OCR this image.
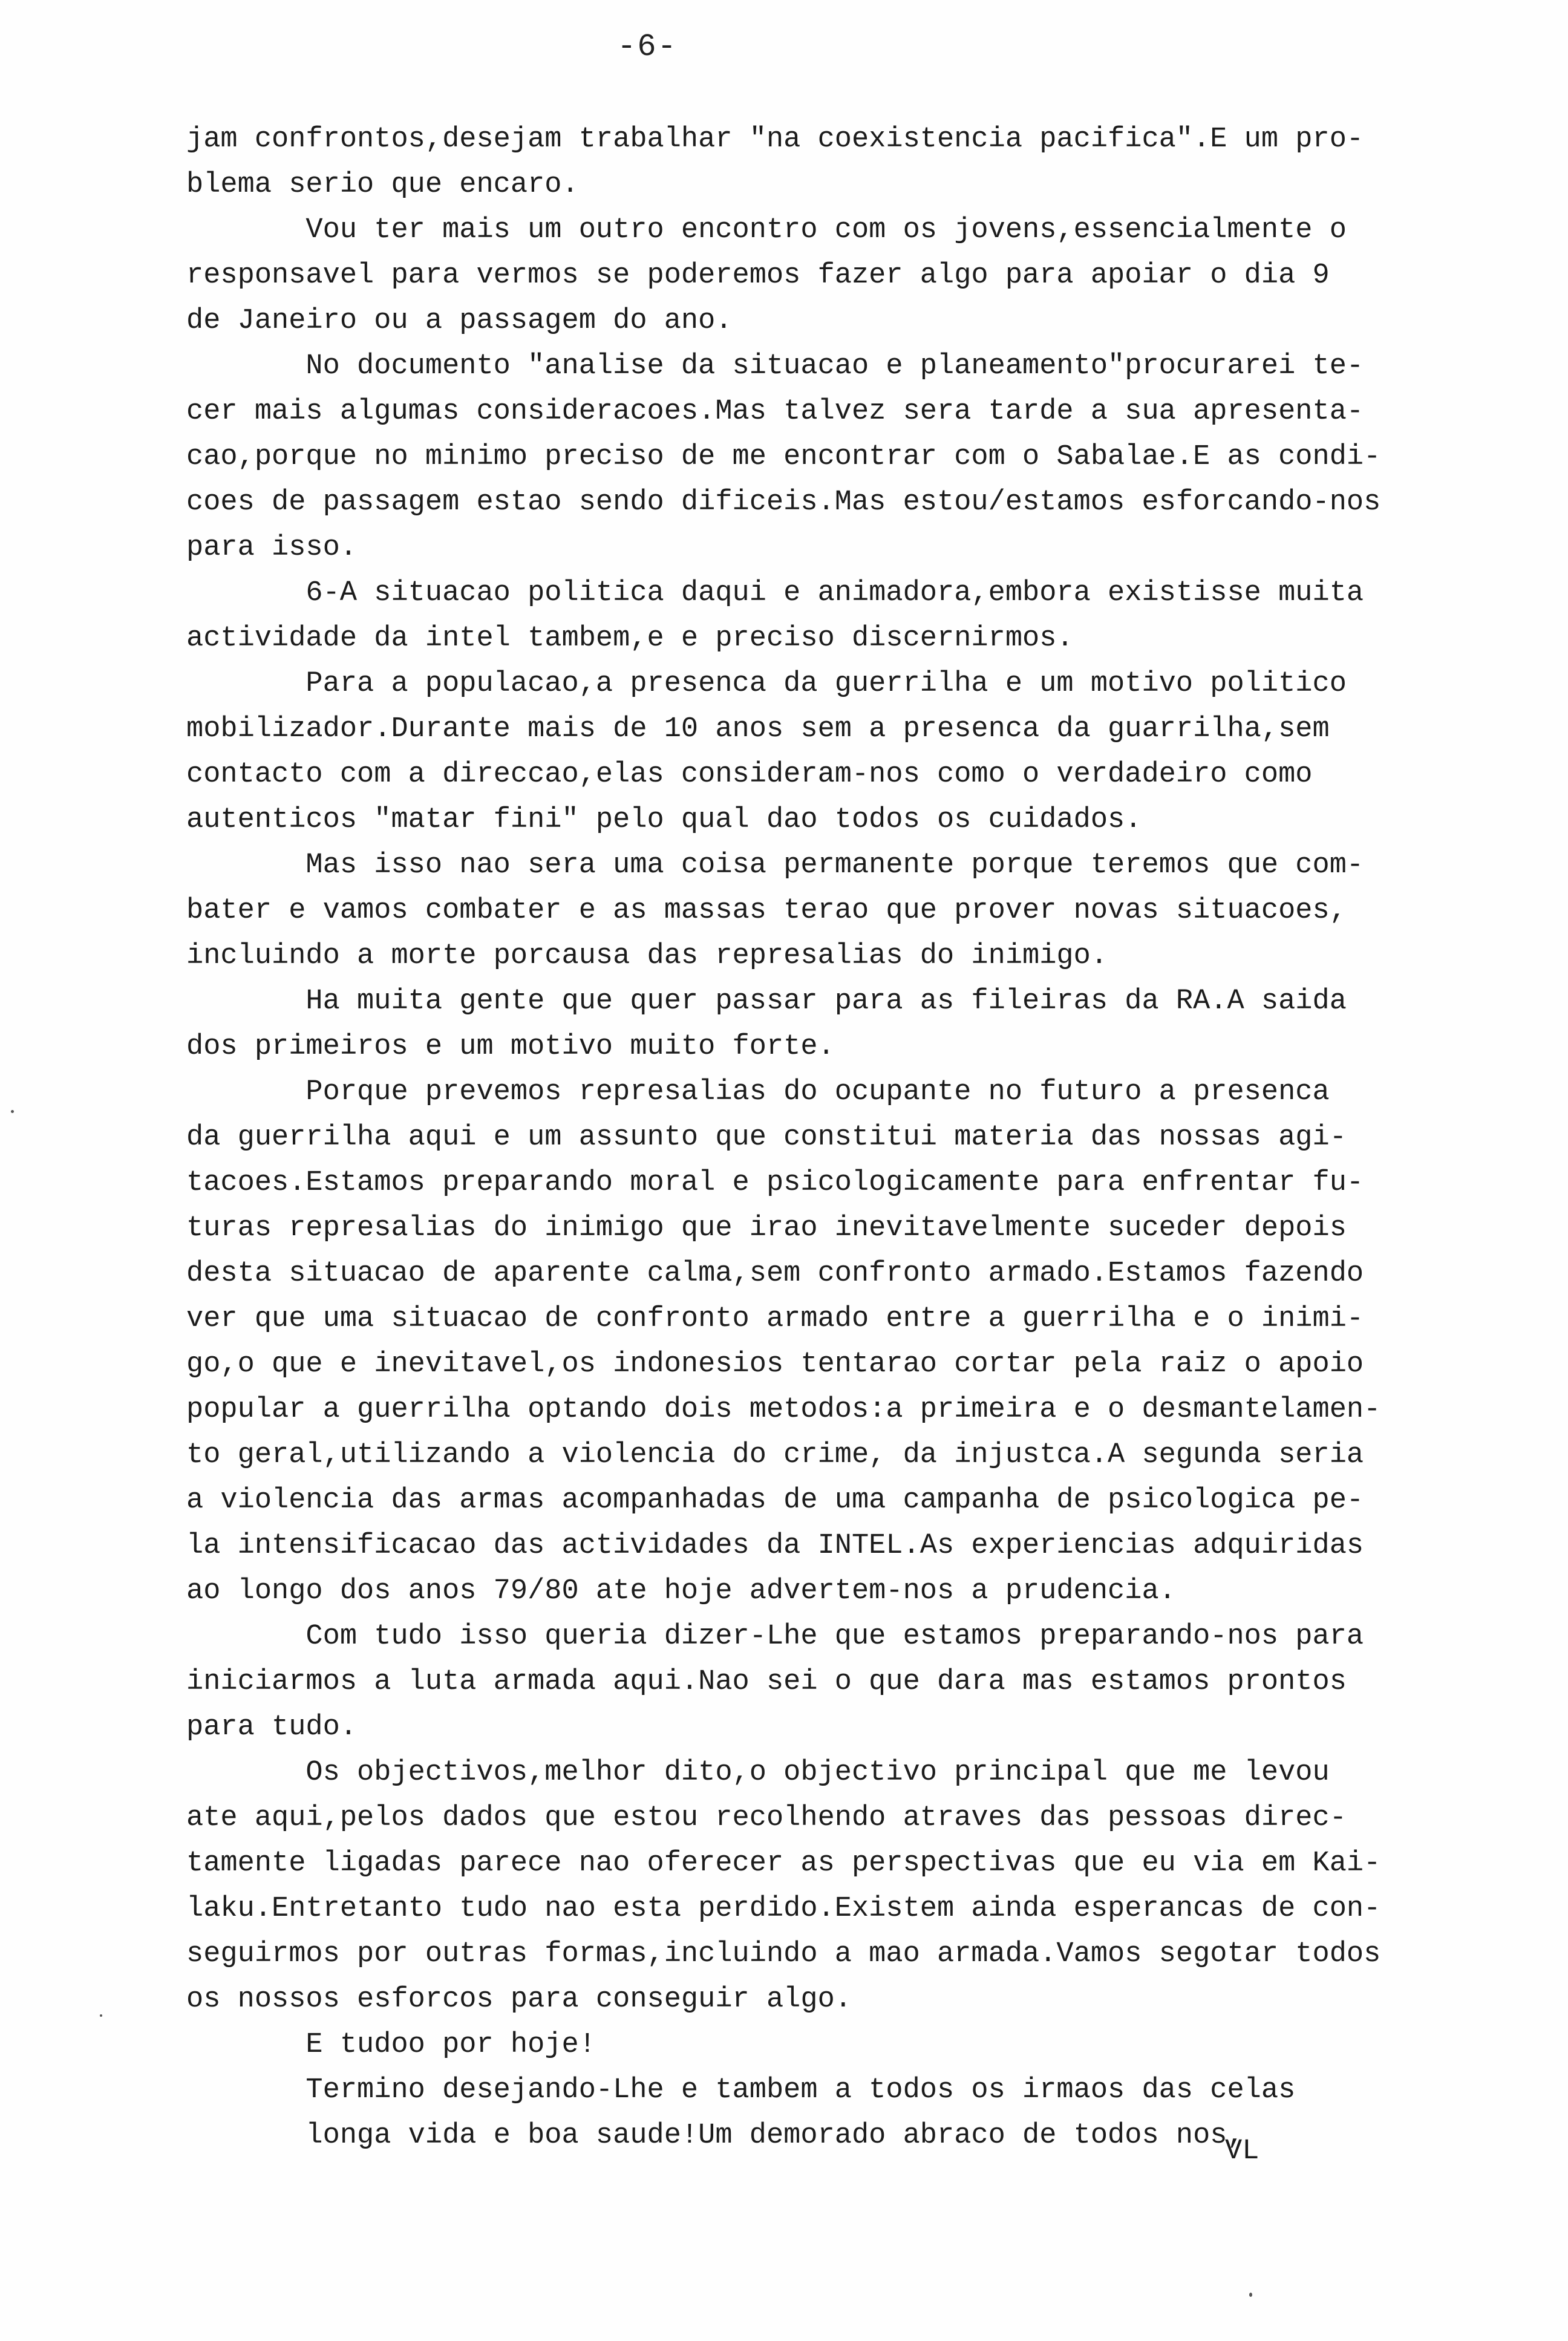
-6-
jam confrontos,desejam trabalhar "na coexistencia pacifica".E um pro-
blema serio que encaro.
Vou ter mais um outro encontro com os jovens,essencialmente o
responsavel para vermos se poderemos fazer algo para apoiar o dia 9
de Janeiro ou a passagem do ano.
No documento "analise da situacao e planeamento"procurarei te-
cer mais algumas consideracoes.Mas talvez sera tarde a sua apresenta-
cao,porque no minimo preciso de me encontrar com o Sabalae.E as condi-
coes de passagem estao sendo dificeis.Mas estou/estamos esforcando-nos
para isso.
6-A situacao politica daqui e animadora,embora existisse muita
actividade da intel tambem,e e preciso discernirmos.
Para a populacao,a presenca da guerrilha e um motivo politico
mobilizador.Durante mais de 10 anos sem a presenca da guarrilha,sem
contacto com a direccao,elas consideram-nos como o verdadeiro como
autenticos "matar fini" pelo qual dao todos os cuidados.
Mas isso nao sera uma coisa permanente porque teremos que com-
bater e vamos combater e as massas terao que prover novas situacoes,
incluindo a morte porcausa das represalias do inimigo.
Ha muita gente que quer passar para as fileiras da RA.A saida
dos primeiros e um motivo muito forte.
Porque prevemos represalias do ocupante no futuro a presenca
da guerrilha aqui e um assunto que constitui materia das nossas agi-
tacoes.Estamos preparando moral e psicologicamente para enfrentar fu-
turas represalias do inimigo que irao inevitavelmente suceder depois
desta situacao de aparente calma,sem confronto armado.Estamos fazendo
ver que uma situacao de confronto armado entre a guerrilha e o inimi-
go,o que e inevitavel,os indonesios tentarao cortar pela raiz o apoio
popular a guerrilha optando dois metodos:a primeira e o desmantelamen-
to geral,utilizando a violencia do crime, da injustca.A segunda seria
a violencia das armas acompanhadas de uma campanha de psicologica pe-
la intensificacao das actividades da INTEL.As experiencias adquiridas
ao longo dos anos 79/80 ate hoje advertem-nos a prudencia.
Com tudo isso queria dizer-Lhe que estamos preparando-nos para
iniciarmos a luta armada aqui.Nao sei o que dara mas estamos prontos
para tudo.
Os objectivos,melhor dito,o objectivo principal que me levou
ate aqui,pelos dados que estou recolhendo atraves das pessoas direc-
tamente ligadas parece nao oferecer as perspectivas que eu via em Kai-
laku.Entretanto tudo nao esta perdido.Existem ainda esperancas de con-
seguirmos por outras formas,incluindo a mao armada.Vamos segotar todos
os nossos esforcos para conseguir algo.
E tudoo por hoje!
Termino desejando-Lhe e tambem a todos os irmaos das celas
longa vida e boa saude!Um demorado abraco de todos nos,
VL
